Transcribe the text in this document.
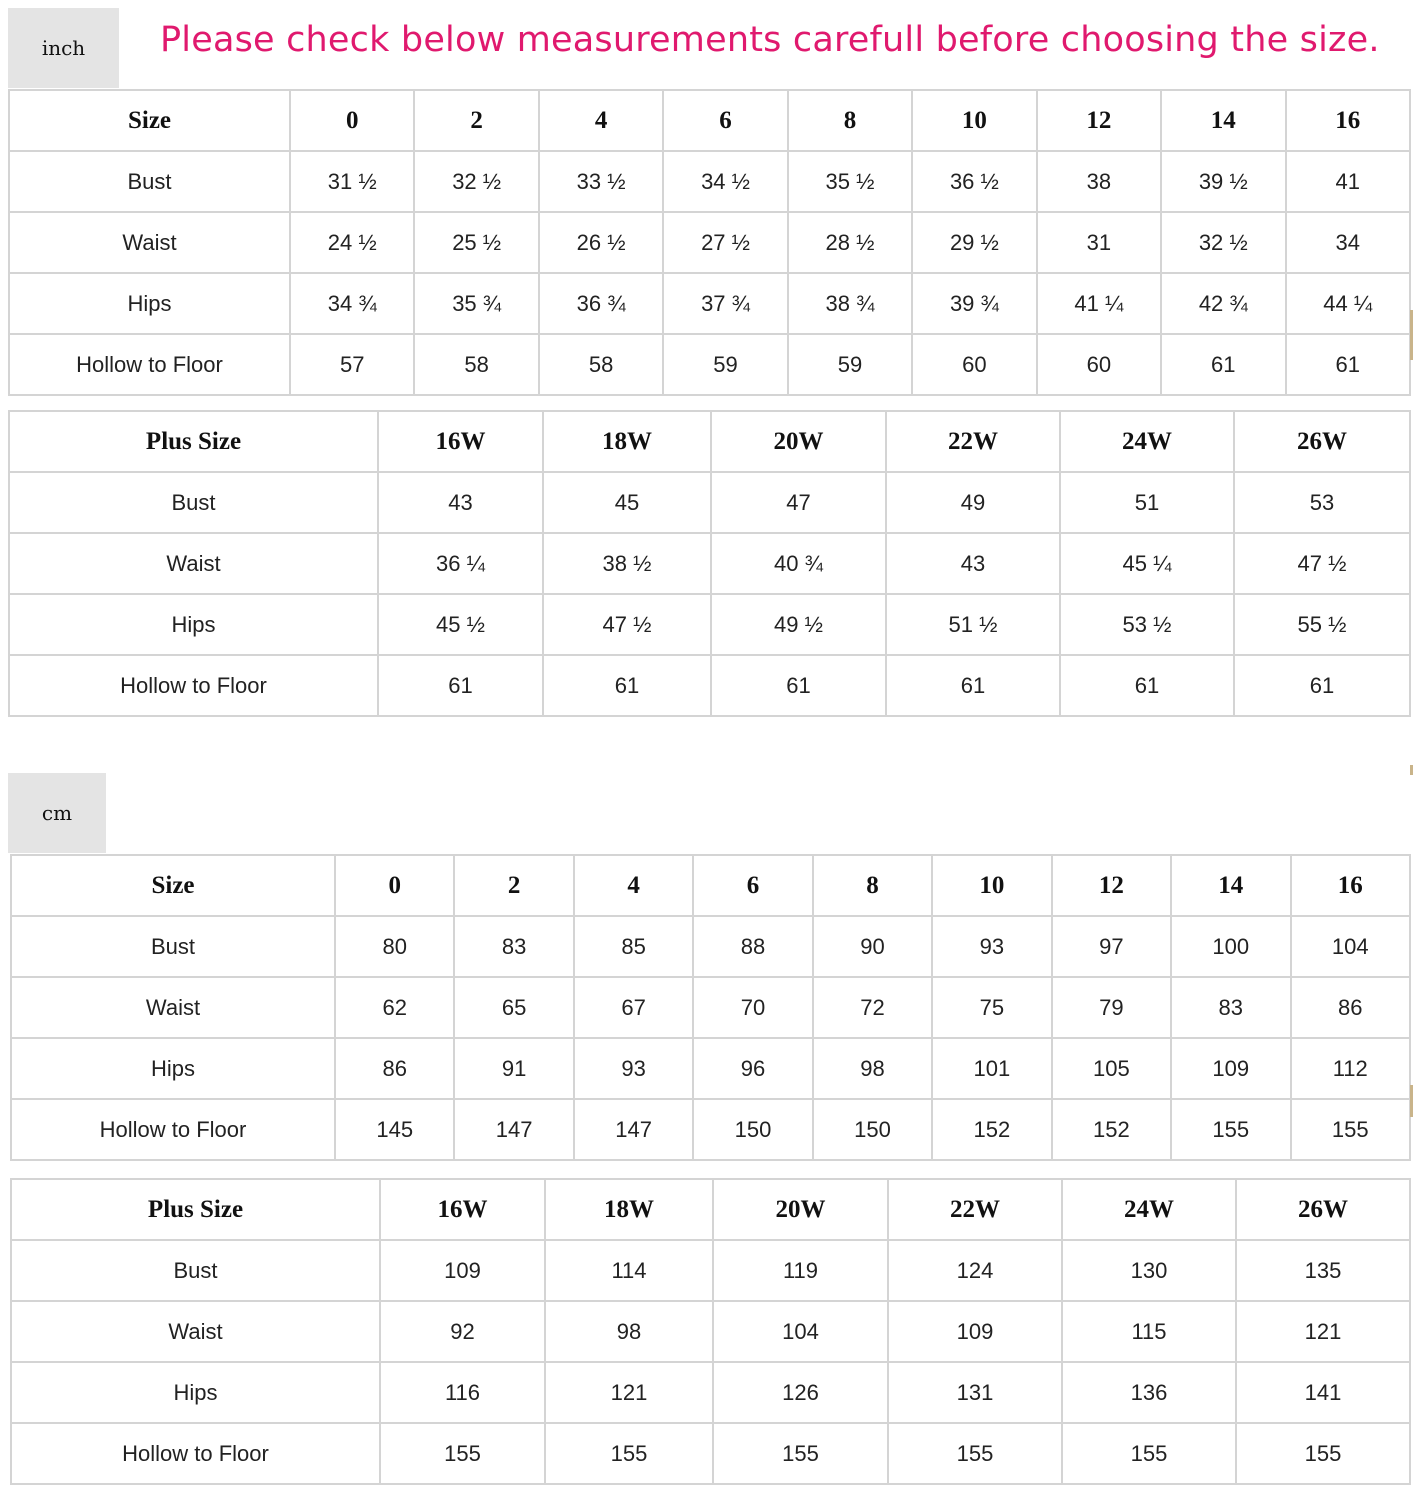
inch	Please check below measurements carefull before choosing the size.
Size	0	2	4	6	8	10	12	14	16
Bust	31 ½	32 ½	33 ½	34 ½	35 ½	36 ½	38	39 ½	41
Waist	24 ½	25 ½	26 ½	27 ½	28 ½	29 ½	31	32 ½	34
Hips	34 ¾	35 ¾	36 ¾	37 ¾	38 ¾	39 ¾	41 ¼	42 ¾	44 ¼
Hollow to Floor	57	58	58	59	59	60	60	61	61
Plus Size	16W	18W	20W	22W	24W	26W
Bust	43	45	47	49	51	53
Waist	36 ¼	38 ½	40 ¾	43	45 ¼	47 ½
Hips	45 ½	47 ½	49 ½	51 ½	53 ½	55 ½
Hollow to Floor	61	61	61	61	61	61
cm
Size	0	2	4	6	8	10	12	14	16
Bust	80	83	85	88	90	93	97	100	104
Waist	62	65	67	70	72	75	79	83	86
Hips	86	91	93	96	98	101	105	109	112
Hollow to Floor	145	147	147	150	150	152	152	155	155
Plus Size	16W	18W	20W	22W	24W	26W
Bust	109	114	119	124	130	135
Waist	92	98	104	109	115	121
Hips	116	121	126	131	136	141
Hollow to Floor	155	155	155	155	155	155
